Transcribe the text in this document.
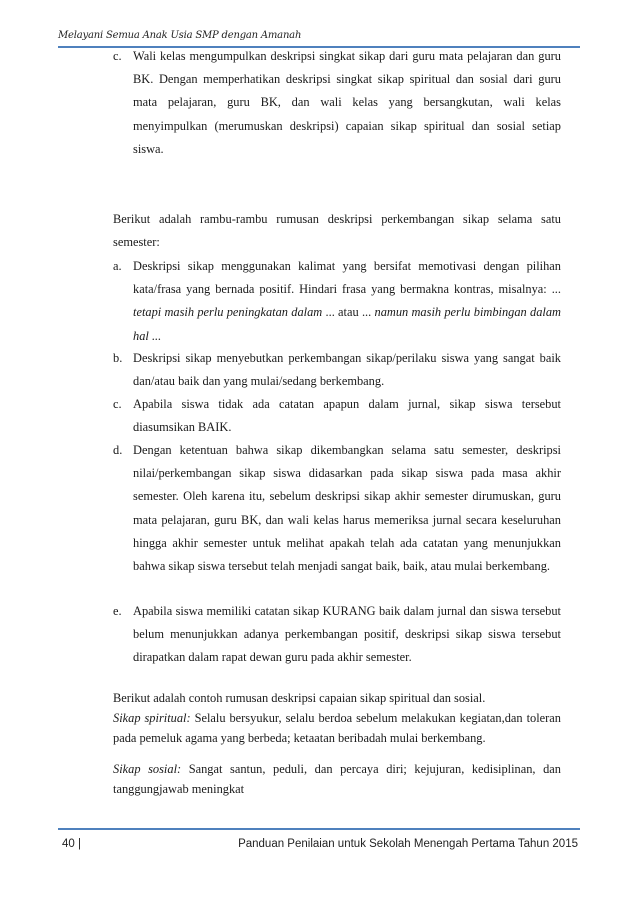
Melayani Semua Anak Usia SMP dengan Amanah
c. Wali kelas mengumpulkan deskripsi singkat sikap dari guru mata pelajaran dan guru BK. Dengan memperhatikan deskripsi singkat sikap spiritual dan sosial dari guru mata pelajaran, guru BK, dan wali kelas yang bersangkutan, wali kelas menyimpulkan (merumuskan deskripsi) capaian sikap spiritual dan sosial setiap siswa.
Berikut adalah rambu-rambu rumusan deskripsi perkembangan sikap selama satu semester:
a. Deskripsi sikap menggunakan kalimat yang bersifat memotivasi dengan pilihan kata/frasa yang bernada positif. Hindari frasa yang bermakna kontras, misalnya: ... tetapi masih perlu peningkatan dalam ... atau ... namun masih perlu bimbingan dalam hal ...
b. Deskripsi sikap menyebutkan perkembangan sikap/perilaku siswa yang sangat baik dan/atau baik dan yang mulai/sedang berkembang.
c. Apabila siswa tidak ada catatan apapun dalam jurnal, sikap siswa tersebut diasumsikan BAIK.
d. Dengan ketentuan bahwa sikap dikembangkan selama satu semester, deskripsi nilai/perkembangan sikap siswa didasarkan pada sikap siswa pada masa akhir semester. Oleh karena itu, sebelum deskripsi sikap akhir semester dirumuskan, guru mata pelajaran, guru BK, dan wali kelas harus memeriksa jurnal secara keseluruhan hingga akhir semester untuk melihat apakah telah ada catatan yang menunjukkan bahwa sikap siswa tersebut telah menjadi sangat baik, baik, atau mulai berkembang.
e. Apabila siswa memiliki catatan sikap KURANG baik dalam jurnal dan siswa tersebut belum menunjukkan adanya perkembangan positif, deskripsi sikap siswa tersebut dirapatkan dalam rapat dewan guru pada akhir semester.
Berikut adalah contoh rumusan deskripsi capaian sikap spiritual dan sosial.
Sikap spiritual: Selalu bersyukur, selalu berdoa sebelum melakukan kegiatan,dan toleran pada pemeluk agama yang berbeda; ketaatan beribadah mulai berkembang.
Sikap sosial: Sangat santun, peduli, dan percaya diri; kejujuran, kedisiplinan, dan tanggungjawab meningkat
40 |	Panduan Penilaian untuk Sekolah Menengah Pertama Tahun 2015
